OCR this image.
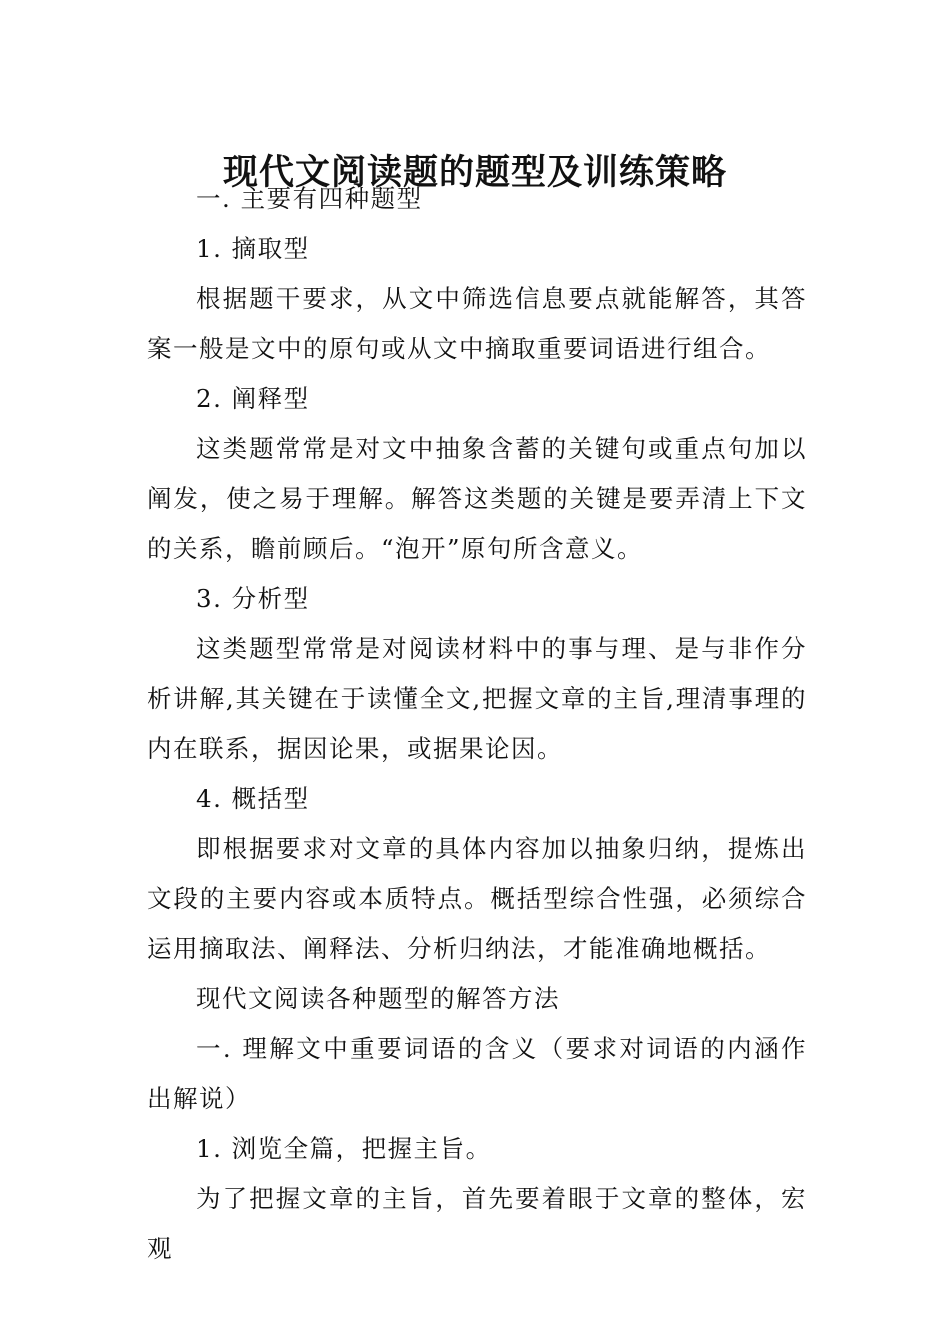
现代文阅读题的题型及训练策略

一. 主要有四种题型

1. 摘取型

根据题干要求，从文中筛选信息要点就能解答，其答案一般是文中的原句或从文中摘取重要词语进行组合。

2. 阐释型

这类题常常是对文中抽象含蓄的关键句或重点句加以阐发，使之易于理解。解答这类题的关键是要弄清上下文的关系，瞻前顾后。“泡开”原句所含意义。

3. 分析型

这类题型常常是对阅读材料中的事与理、是与非作分析讲解,其关键在于读懂全文,把握文章的主旨,理清事理的内在联系，据因论果，或据果论因。

4. 概括型

即根据要求对文章的具体内容加以抽象归纳，提炼出文段的主要内容或本质特点。概括型综合性强，必须综合运用摘取法、阐释法、分析归纳法，才能准确地概括。

现代文阅读各种题型的解答方法

一. 理解文中重要词语的含义（要求对词语的内涵作出解说）

1. 浏览全篇，把握主旨。

为了把握文章的主旨，首先要着眼于文章的整体，宏观
